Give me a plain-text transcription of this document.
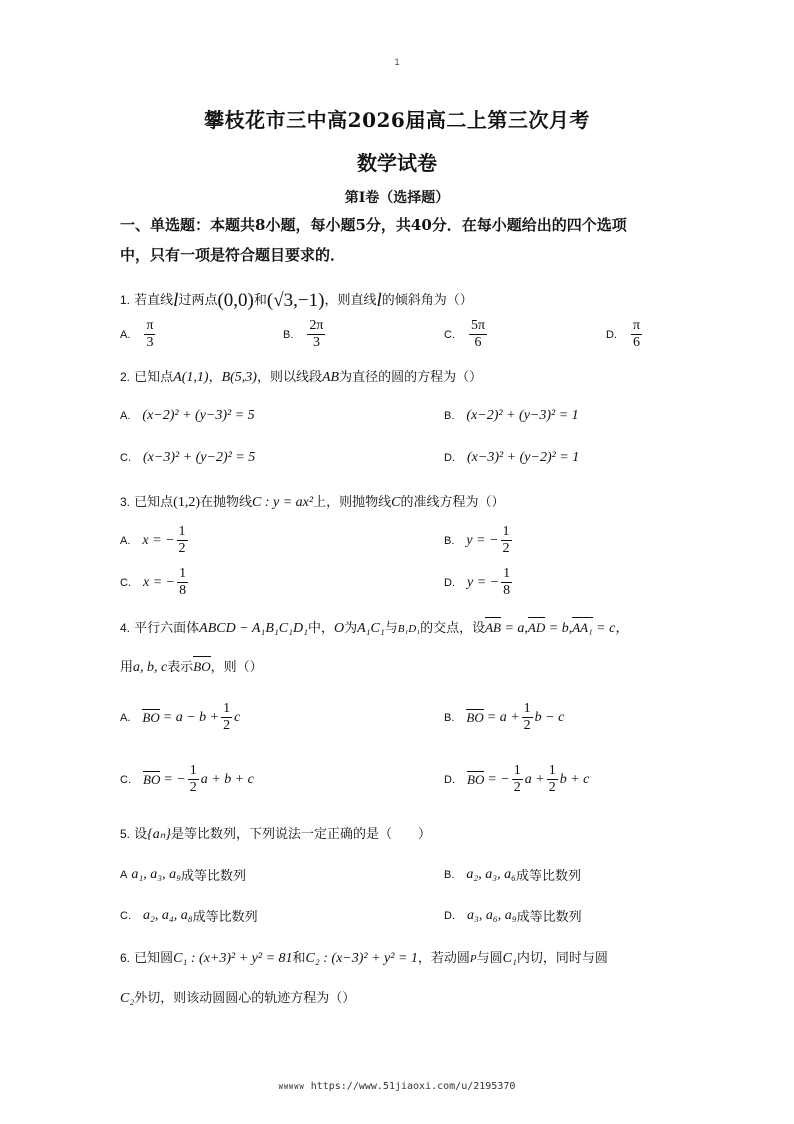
1
攀枝花市三中高2026届高二上第三次月考
数学试卷
第Ⅰ卷（选择题）
一、单选题：本题共8小题，每小题5分，共40分．在每小题给出的四个选项
中，只有一项是符合题目要求的．
1. 若直线l过两点(0,0)和(√3,−1)，则直线l的倾斜角为（）
A. $\frac{\pi}{3}$	B. $\frac{2\pi}{3}$	C. $\frac{5\pi}{6}$	D. $\frac{\pi}{6}$
2. 已知点A(1,1)，B(5,3)，则以线段AB为直径的圆的方程为（）
A. (x−2)² + (y−3)² = 5	B. (x−2)² + (y−3)² = 1
C. (x−3)² + (y−2)² = 5	D. (x−3)² + (y−2)² = 1
3. 已知点(1,2)在抛物线C : y = ax²上，则抛物线C的准线方程为（）
A. x = − $\frac{1}{2}$	B. y = − $\frac{1}{2}$
C. x = − $\frac{1}{8}$	D. y = − $\frac{1}{8}$
4. 平行六面体ABCD − A₁B₁C₁D₁中，O为A₁C₁与B₁D₁的交点，设AB = a,AD = b,AA₁ = c，
用a, b, c表示BO，则（）
A. BO = $a - b + \frac{1}{2}$ c	B. BO = $a + \frac{1}{2}$ b − c
C. BO = − $\frac{1}{2}$ a + b + c	D. BO = − $\frac{1}{2}$ $a + \frac{1}{2}$ b + c
5. 设{aₙ}是等比数列，下列说法一定正确的是（　　）
A a₁, a₃, a₉ 成等比数列	B. a₂, a₃, a₆ 成等比数列
C. a₂, a₄, a₈ 成等比数列	D. a₃, a₆, a₉ 成等比数列
6. 已知圆C₁ : (x+3)² + y² = 81和C₂ : (x−3)² + y² = 1，若动圆P与圆C₁内切，同时与圆
C₂外切，则该动圆圆心的轨迹方程为（）
WWWWW https://www.51jiaoxi.com/u/2195370
